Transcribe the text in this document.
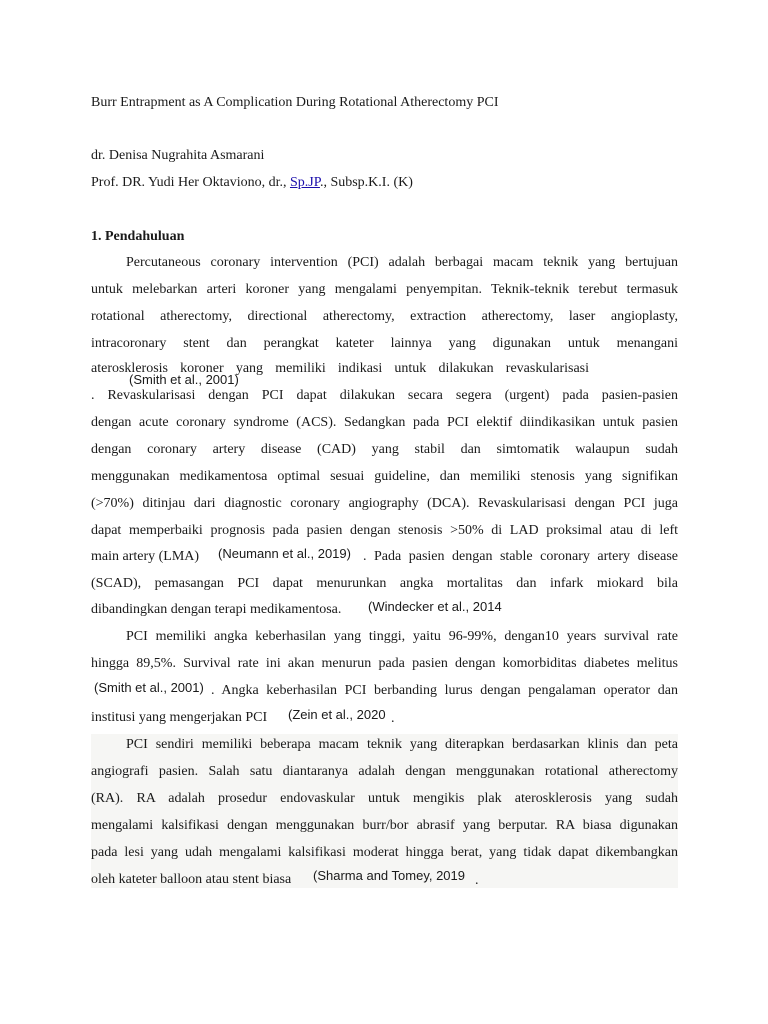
Burr Entrapment as A Complication During Rotational Atherectomy PCI
dr. Denisa Nugrahita Asmarani
Prof. DR. Yudi Her Oktaviono, dr., Sp.JP., Subsp.K.I. (K)
1. Pendahuluan
Percutaneous coronary intervention (PCI) adalah berbagai macam teknik yang bertujuan
untuk melebarkan arteri koroner yang mengalami penyempitan. Teknik-teknik terebut termasuk
rotational atherectomy, directional atherectomy, extraction atherectomy, laser angioplasty,
intracoronary stent dan perangkat kateter lainnya yang digunakan untuk menangani
aterosklerosis koroner yang memiliki indikasi untuk dilakukan revaskularisasi
(Smith et al., 2001)
. Revaskularisasi dengan PCI dapat dilakukan secara segera (urgent) pada pasien-pasien
dengan acute coronary syndrome (ACS). Sedangkan pada PCI elektif diindikasikan untuk pasien
dengan coronary artery disease (CAD) yang stabil dan simtomatik walaupun sudah
menggunakan medikamentosa optimal sesuai guideline, dan memiliki stenosis yang signifikan
(>70%) ditinjau dari diagnostic coronary angiography (DCA). Revaskularisasi dengan PCI juga
dapat memperbaiki prognosis pada pasien dengan stenosis >50% di LAD proksimal atau di left
main artery (LMA) (Neumann et al., 2019) . Pada pasien dengan stable coronary artery disease
(SCAD), pemasangan PCI dapat menurunkan angka mortalitas dan infark miokard bila
dibandingkan dengan terapi medikamentosa. (Windecker et al., 2014
PCI memiliki angka keberhasilan yang tinggi, yaitu 96-99%, dengan10 years survival rate
hingga 89,5%. Survival rate ini akan menurun pada pasien dengan komorbiditas diabetes melitus
(Smith et al., 2001) . Angka keberhasilan PCI berbanding lurus dengan pengalaman operator dan
institusi yang mengerjakan PCI (Zein et al., 2020 .
PCI sendiri memiliki beberapa macam teknik yang diterapkan berdasarkan klinis dan peta
angiografi pasien. Salah satu diantaranya adalah dengan menggunakan rotational atherectomy
(RA). RA adalah prosedur endovaskular untuk mengikis plak aterosklerosis yang sudah
mengalami kalsifikasi dengan menggunakan burr/bor abrasif yang berputar. RA biasa digunakan
pada lesi yang udah mengalami kalsifikasi moderat hingga berat, yang tidak dapat dikembangkan
oleh kateter balloon atau stent biasa (Sharma and Tomey, 2019 .
